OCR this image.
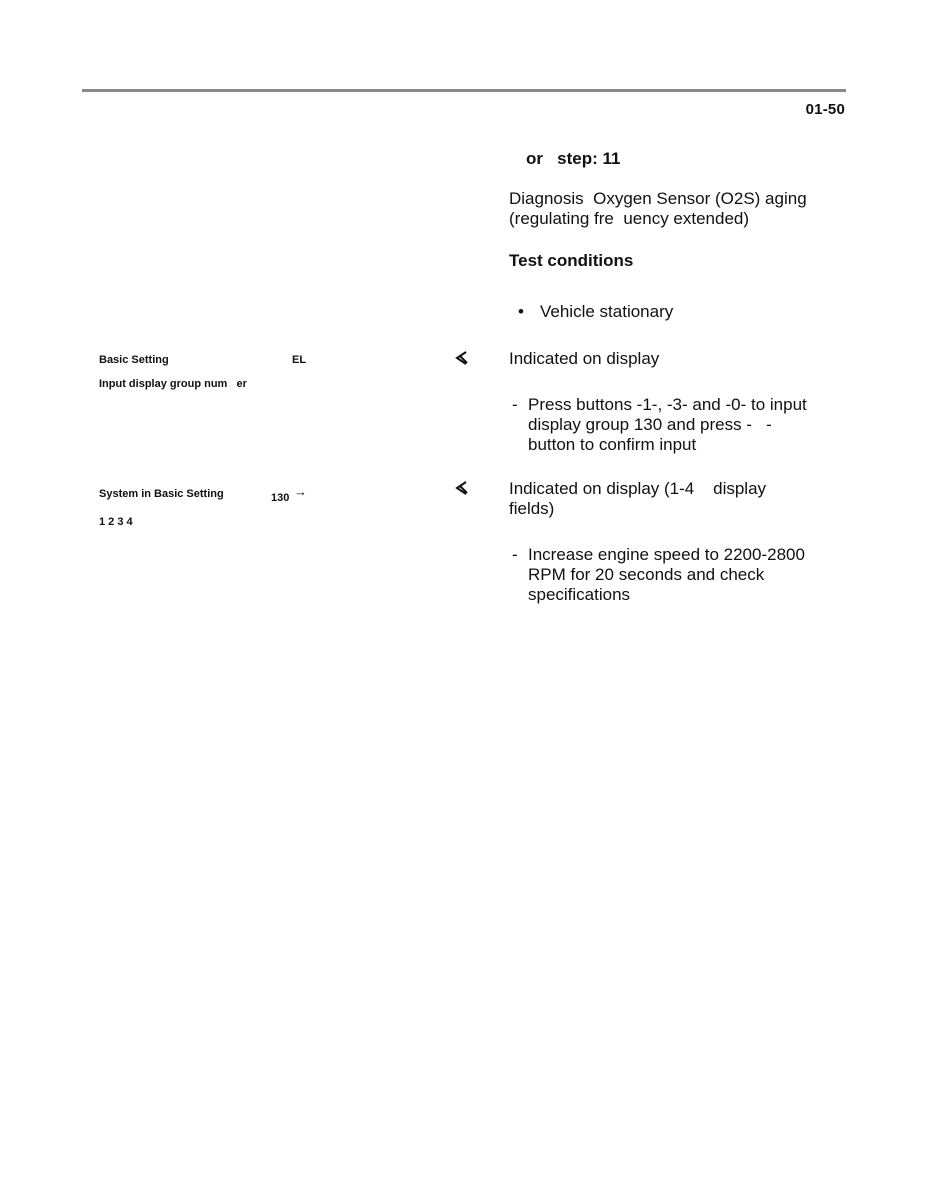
01-50
or   step: 11
Diagnosis  Oxygen Sensor (O2S) aging
(regulating fre  uency extended)
Test conditions
• Vehicle stationary
Basic Setting	EL
Input display group num   er
Indicated on display
- Press buttons -1-, -3- and -0- to input
display group 130 and press -   -
button to confirm input
System in Basic Setting	130 →
1 2 3 4
Indicated on display (1-4    display
fields)
- Increase engine speed to 2200-2800
RPM for 20 seconds and check
specifications
